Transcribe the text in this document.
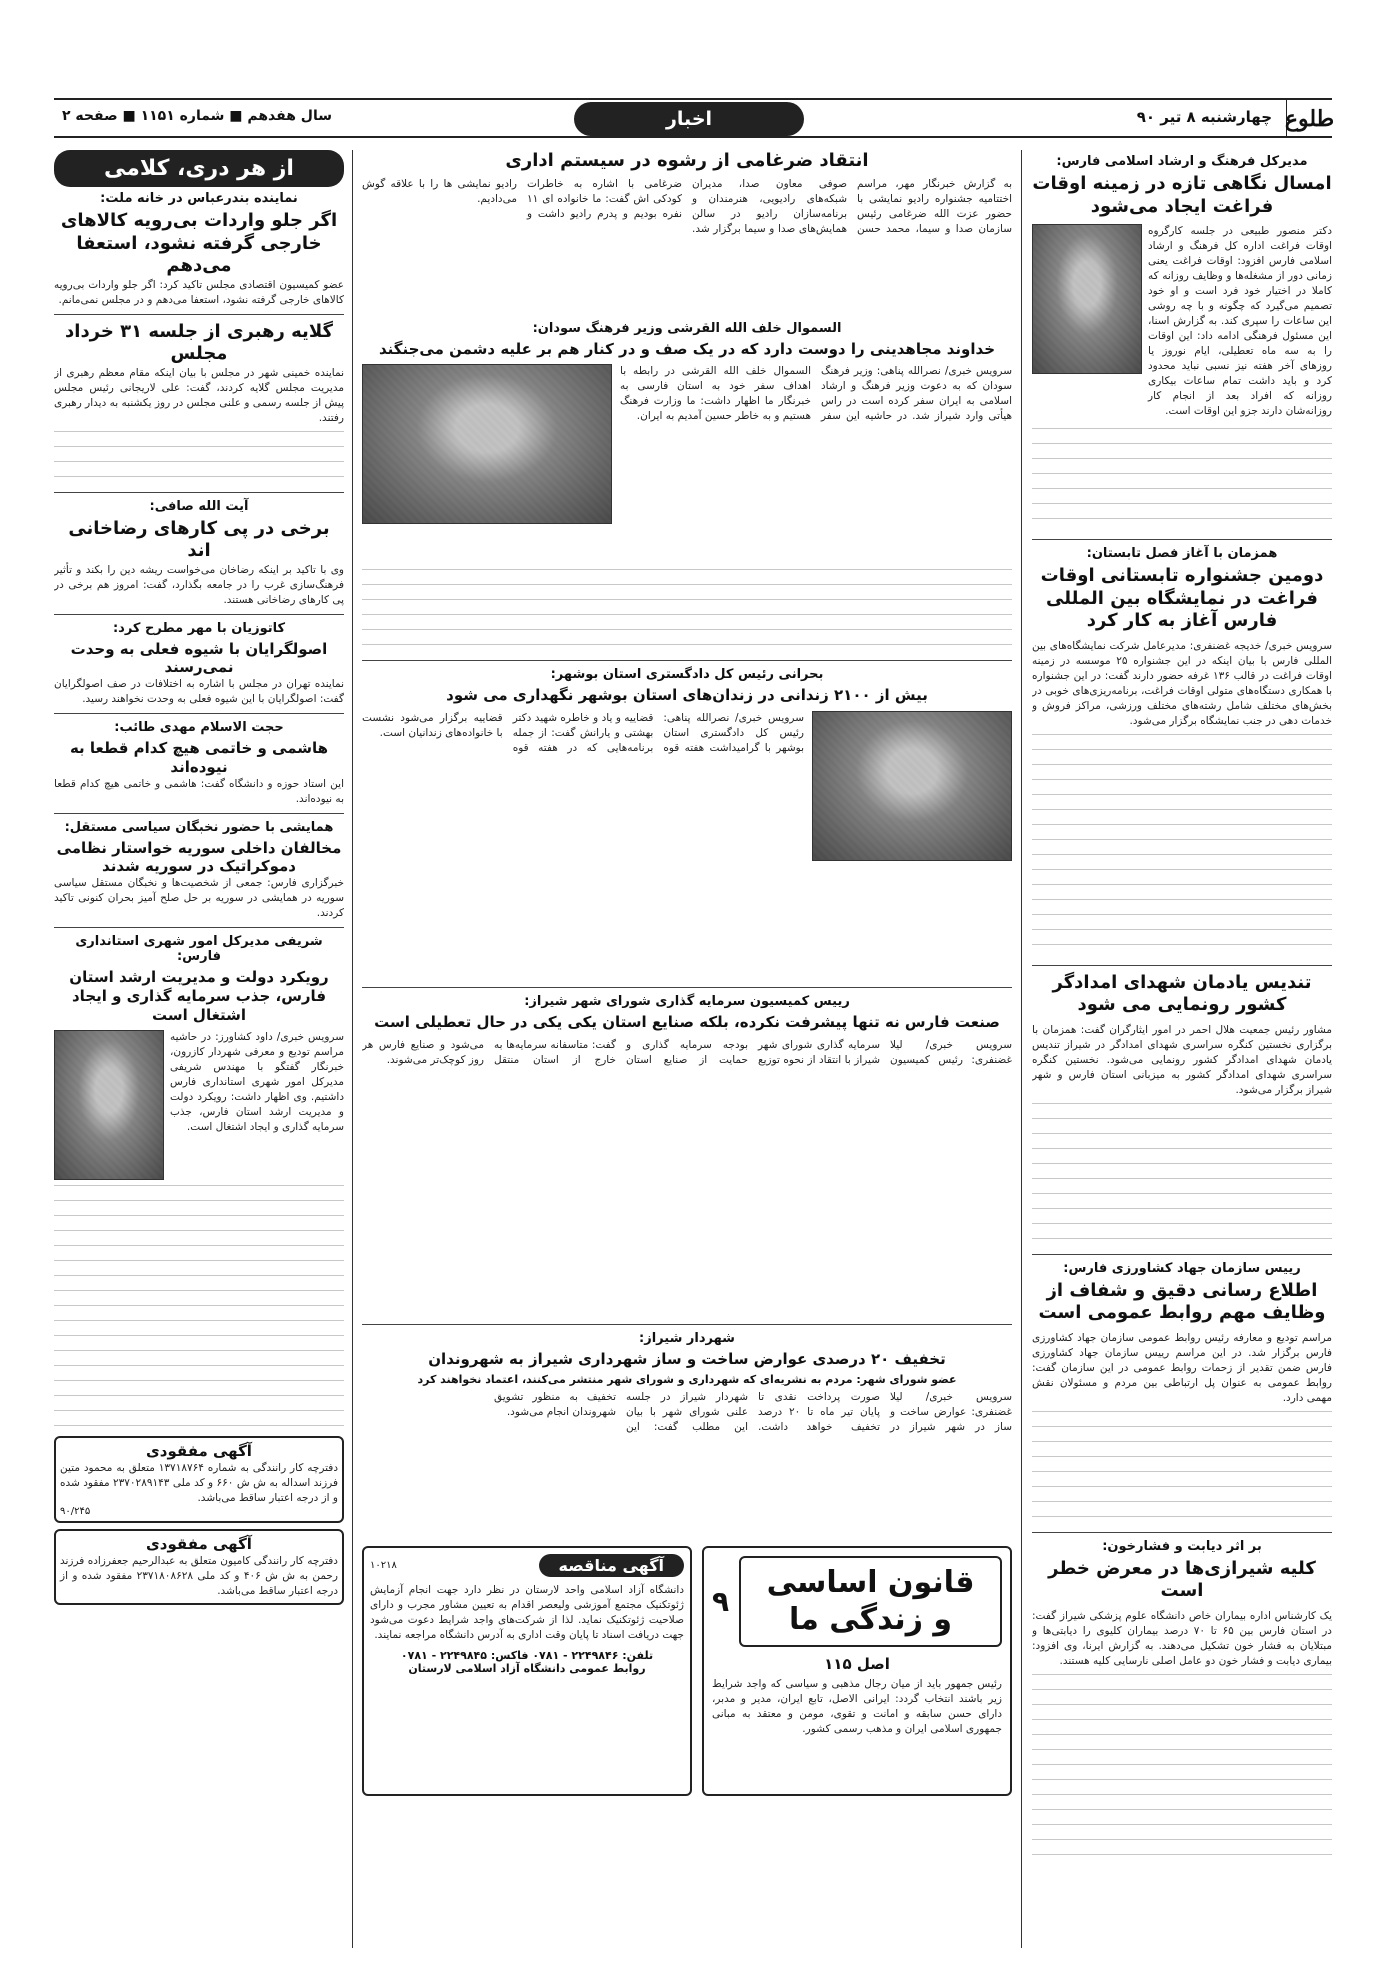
طلوع
چهارشنبه ۸ تیر ۹۰
اخبار
سال هفدهم ■ شماره ۱۱۵۱ ■ صفحه ۲
مدیرکل فرهنگ و ارشاد اسلامی فارس:
امسال نگاهی تازه در زمینه اوقات فراغت ایجاد می‌شود
دکتر منصور طبیعی در جلسه کارگروه اوقات فراغت اداره کل فرهنگ و ارشاد اسلامی فارس افزود: اوقات فراغت یعنی زمانی دور از مشغله‌ها و وظایف روزانه که کاملا در اختیار خود فرد است و او خود تصمیم می‌گیرد که چگونه و با چه روشی این ساعات را سپری کند. به گزارش اسنا، این مسئول فرهنگی ادامه داد: این اوقات را به سه ماه تعطیلی، ایام نوروز یا روزهای آخر هفته نیز نسبی نباید محدود کرد و باید داشت تمام ساعات بیکاری روزانه که افراد بعد از انجام کار روزانه‌شان دارند جزو این اوقات است.
همزمان با آغاز فصل تابستان:
دومین جشنواره تابستانی اوقات فراغت در نمایشگاه بین المللی فارس آغاز به کار کرد
سرویس خبری/ خدیجه غضنفری: مدیرعامل شرکت نمایشگاه‌های بین المللی فارس با بیان اینکه در این جشنواره ۲۵ موسسه در زمینه اوقات فراغت در قالب ۱۳۶ غرفه حضور دارند گفت: در این جشنواره با همکاری دستگاه‌های متولی اوقات فراغت، برنامه‌ریزی‌های خوبی در بخش‌های مختلف شامل رشته‌های مختلف ورزشی، مراکز فروش و خدمات دهی در جنب نمایشگاه برگزار می‌شود.
تندیس یادمان شهدای امدادگر کشور رونمایی می شود
مشاور رئیس جمعیت هلال احمر در امور ایثارگران گفت: همزمان با برگزاری نخستین کنگره سراسری شهدای امدادگر در شیراز تندیس یادمان شهدای امدادگر کشور رونمایی می‌شود. نخستین کنگره سراسری شهدای امدادگر کشور به میزبانی استان فارس و شهر شیراز برگزار می‌شود.
رییس سازمان جهاد کشاورزی فارس:
اطلاع رسانی دقیق و شفاف از وظایف مهم روابط عمومی است
مراسم تودیع و معارفه رئیس روابط عمومی سازمان جهاد کشاورزی فارس برگزار شد. در این مراسم رییس سازمان جهاد کشاورزی فارس ضمن تقدیر از زحمات روابط عمومی در این سازمان گفت: روابط عمومی به عنوان پل ارتباطی بین مردم و مسئولان نقش مهمی دارد.
بر اثر دیابت و فشارخون:
کلیه شیرازی‌ها در معرض خطر است
یک کارشناس اداره بیماران خاص دانشگاه علوم پزشکی شیراز گفت: در استان فارس بین ۶۵ تا ۷۰ درصد بیماران کلیوی را دیابتی‌ها و مبتلایان به فشار خون تشکیل می‌دهند. به گزارش ایرنا، وی افزود: بیماری دیابت و فشار خون دو عامل اصلی نارسایی کلیه هستند.
انتقاد ضرغامی از رشوه در سیستم اداری
به گزارش خبرنگار مهر، مراسم اختتامیه جشنواره رادیو نمایشی با حضور عزت الله ضرغامی رئیس سازمان صدا و سیما، محمد حسن صوفی معاون صدا، مدیران شبکه‌های رادیویی، هنرمندان و برنامه‌سازان رادیو در سالن همایش‌های صدا و سیما برگزار شد. ضرغامی با اشاره به خاطرات کودکی اش گفت: ما خانواده ای ۱۱ نفره بودیم و پدرم رادیو داشت و رادیو نمایشی ها را با علاقه گوش می‌دادیم.
السموال خلف الله القرشی وزیر فرهنگ سودان:
خداوند مجاهدینی را دوست دارد که در یک صف و در کنار هم بر علیه دشمن می‌جنگند
سرویس خبری/ نصرالله پناهی: وزیر فرهنگ سودان که به دعوت وزیر فرهنگ و ارشاد اسلامی به ایران سفر کرده است در راس هیأتی وارد شیراز شد. در حاشیه این سفر السموال خلف الله القرشی در رابطه با اهداف سفر خود به استان فارسی به خبرنگار ما اظهار داشت: ما وزارت فرهنگ هستیم و به خاطر حسین آمدیم به ایران.
بحرانی رئیس کل دادگستری استان بوشهر:
بیش از ۲۱۰۰ زندانی در زندان‌های استان بوشهر نگهداری می شود
سرویس خبری/ نصرالله پناهی: رئیس کل دادگستری استان بوشهر با گرامیداشت هفته قوه قضاییه و یاد و خاطره شهید دکتر بهشتی و یارانش گفت: از جمله برنامه‌هایی که در هفته قوه قضاییه برگزار می‌شود نشست با خانواده‌های زندانیان است.
رییس کمیسیون سرمایه گذاری شورای شهر شیراز:
صنعت فارس نه تنها پیشرفت نکرده، بلکه صنایع استان یکی یکی در حال تعطیلی است
سرویس خبری/ لیلا غضنفری: رئیس کمیسیون سرمایه گذاری شورای شهر شیراز با انتقاد از نحوه توزیع بودجه سرمایه گذاری و حمایت از صنایع استان گفت: متاسفانه سرمایه‌ها به خارج از استان منتقل می‌شود و صنایع فارس هر روز کوچک‌تر می‌شوند.
شهردار شیراز:
تخفیف ۲۰ درصدی عوارض ساخت و ساز شهرداری شیراز به شهروندان
عضو شورای شهر: مردم به نشریه‌ای که شهرداری و شورای شهر منتشر می‌کنند، اعتماد نخواهند کرد
سرویس خبری/ لیلا غضنفری: عوارض ساخت و ساز در شهر شیراز در صورت پرداخت نقدی تا پایان تیر ماه تا ۲۰ درصد تخفیف خواهد داشت. شهردار شیراز در جلسه علنی شورای شهر با بیان این مطلب گفت: این تخفیف به منظور تشویق شهروندان انجام می‌شود.
قانون اساسی و زندگی ما
۹
اصل ۱۱۵
رئیس جمهور باید از میان رجال مذهبی و سیاسی که واجد شرایط زیر باشند انتخاب گردد: ایرانی الاصل، تابع ایران، مدیر و مدبر، دارای حسن سابقه و امانت و تقوی، مومن و معتقد به مبانی جمهوری اسلامی ایران و مذهب رسمی کشور.
آگهی مناقصه
۱۰۲۱۸
دانشگاه آزاد اسلامی واحد لارستان در نظر دارد جهت انجام آزمایش ژئوتکنیک مجتمع آموزشی ولیعصر اقدام به تعیین مشاور مجرب و دارای صلاحیت ژئوتکنیک نماید. لذا از شرکت‌های واجد شرایط دعوت می‌شود جهت دریافت اسناد تا پایان وقت اداری به آدرس دانشگاه مراجعه نمایند.
تلفن: ۲۲۴۹۸۴۶ - ۰۷۸۱ فاکس: ۲۲۴۹۸۴۵ - ۰۷۸۱
روابط عمومی دانشگاه آزاد اسلامی لارستان
از هر دری، کلامی
نماینده بندرعباس در خانه ملت:
اگر جلو واردات بی‌رویه کالاهای خارجی گرفته نشود، استعفا می‌دهم
عضو کمیسیون اقتصادی مجلس تاکید کرد: اگر جلو واردات بی‌رویه کالاهای خارجی گرفته نشود، استعفا می‌دهم و در مجلس نمی‌مانم.
گلایه رهبری از جلسه ۳۱ خرداد مجلس
نماینده خمینی شهر در مجلس با بیان اینکه مقام معظم رهبری از مدیریت مجلس گلایه کردند، گفت: علی لاریجانی رئیس مجلس پیش از جلسه رسمی و علنی مجلس در روز یکشنبه به دیدار رهبری رفتند.
آیت الله صافی:
برخی در پی کارهای رضاخانی اند
وی با تاکید بر اینکه رضاخان می‌خواست ریشه دین را بکند و تأثیر فرهنگ‌سازی غرب را در جامعه بگذارد، گفت: امروز هم برخی در پی کارهای رضاخانی هستند.
کاتوزیان با مهر مطرح کرد:
اصولگرایان با شیوه فعلی به وحدت نمی‌رسند
نماینده تهران در مجلس با اشاره به اختلافات در صف اصولگرایان گفت: اصولگرایان با این شیوه فعلی به وحدت نخواهند رسید.
حجت الاسلام مهدی طائب:
هاشمی و خاتمی هیچ کدام قطعا به نیوده‌اند
این استاد حوزه و دانشگاه گفت: هاشمی و خاتمی هیچ کدام قطعا به نیوده‌اند.
همایشی با حضور نخبگان سیاسی مستقل:
مخالفان داخلی سوریه خواستار نظامی دموکراتیک در سوریه شدند
خبرگزاری فارس: جمعی از شخصیت‌ها و نخبگان مستقل سیاسی سوریه در همایشی در سوریه بر حل صلح آمیز بحران کنونی تاکید کردند.
شریفی مدیرکل امور شهری استانداری فارس:
رویکرد دولت و مدیریت ارشد استان فارس، جذب سرمایه گذاری و ایجاد اشتغال است
سرویس خبری/ داود کشاورز: در حاشیه مراسم تودیع و معرفی شهردار کازرون، خبرنگار گفتگو با مهندس شریفی مدیرکل امور شهری استانداری فارس داشتیم. وی اظهار داشت: رویکرد دولت و مدیریت ارشد استان فارس، جذب سرمایه گذاری و ایجاد اشتغال است.
آگهی مفقودی
دفترچه کار رانندگی به شماره ۱۳۷۱۸۷۶۴ متعلق به محمود متین فرزند اسداله به ش ش ۶۶۰ و کد ملی ۲۳۷۰۲۸۹۱۴۳ مفقود شده و از درجه اعتبار ساقط می‌باشد.
۹۰/۲۴۵
آگهی مفقودی
دفترچه کار رانندگی کامیون متعلق به عبدالرحیم جعفرزاده فرزند رحمن به ش ش ۴۰۶ و کد ملی ۲۳۷۱۸۰۸۶۲۸ مفقود شده و از درجه اعتبار ساقط می‌باشد.
